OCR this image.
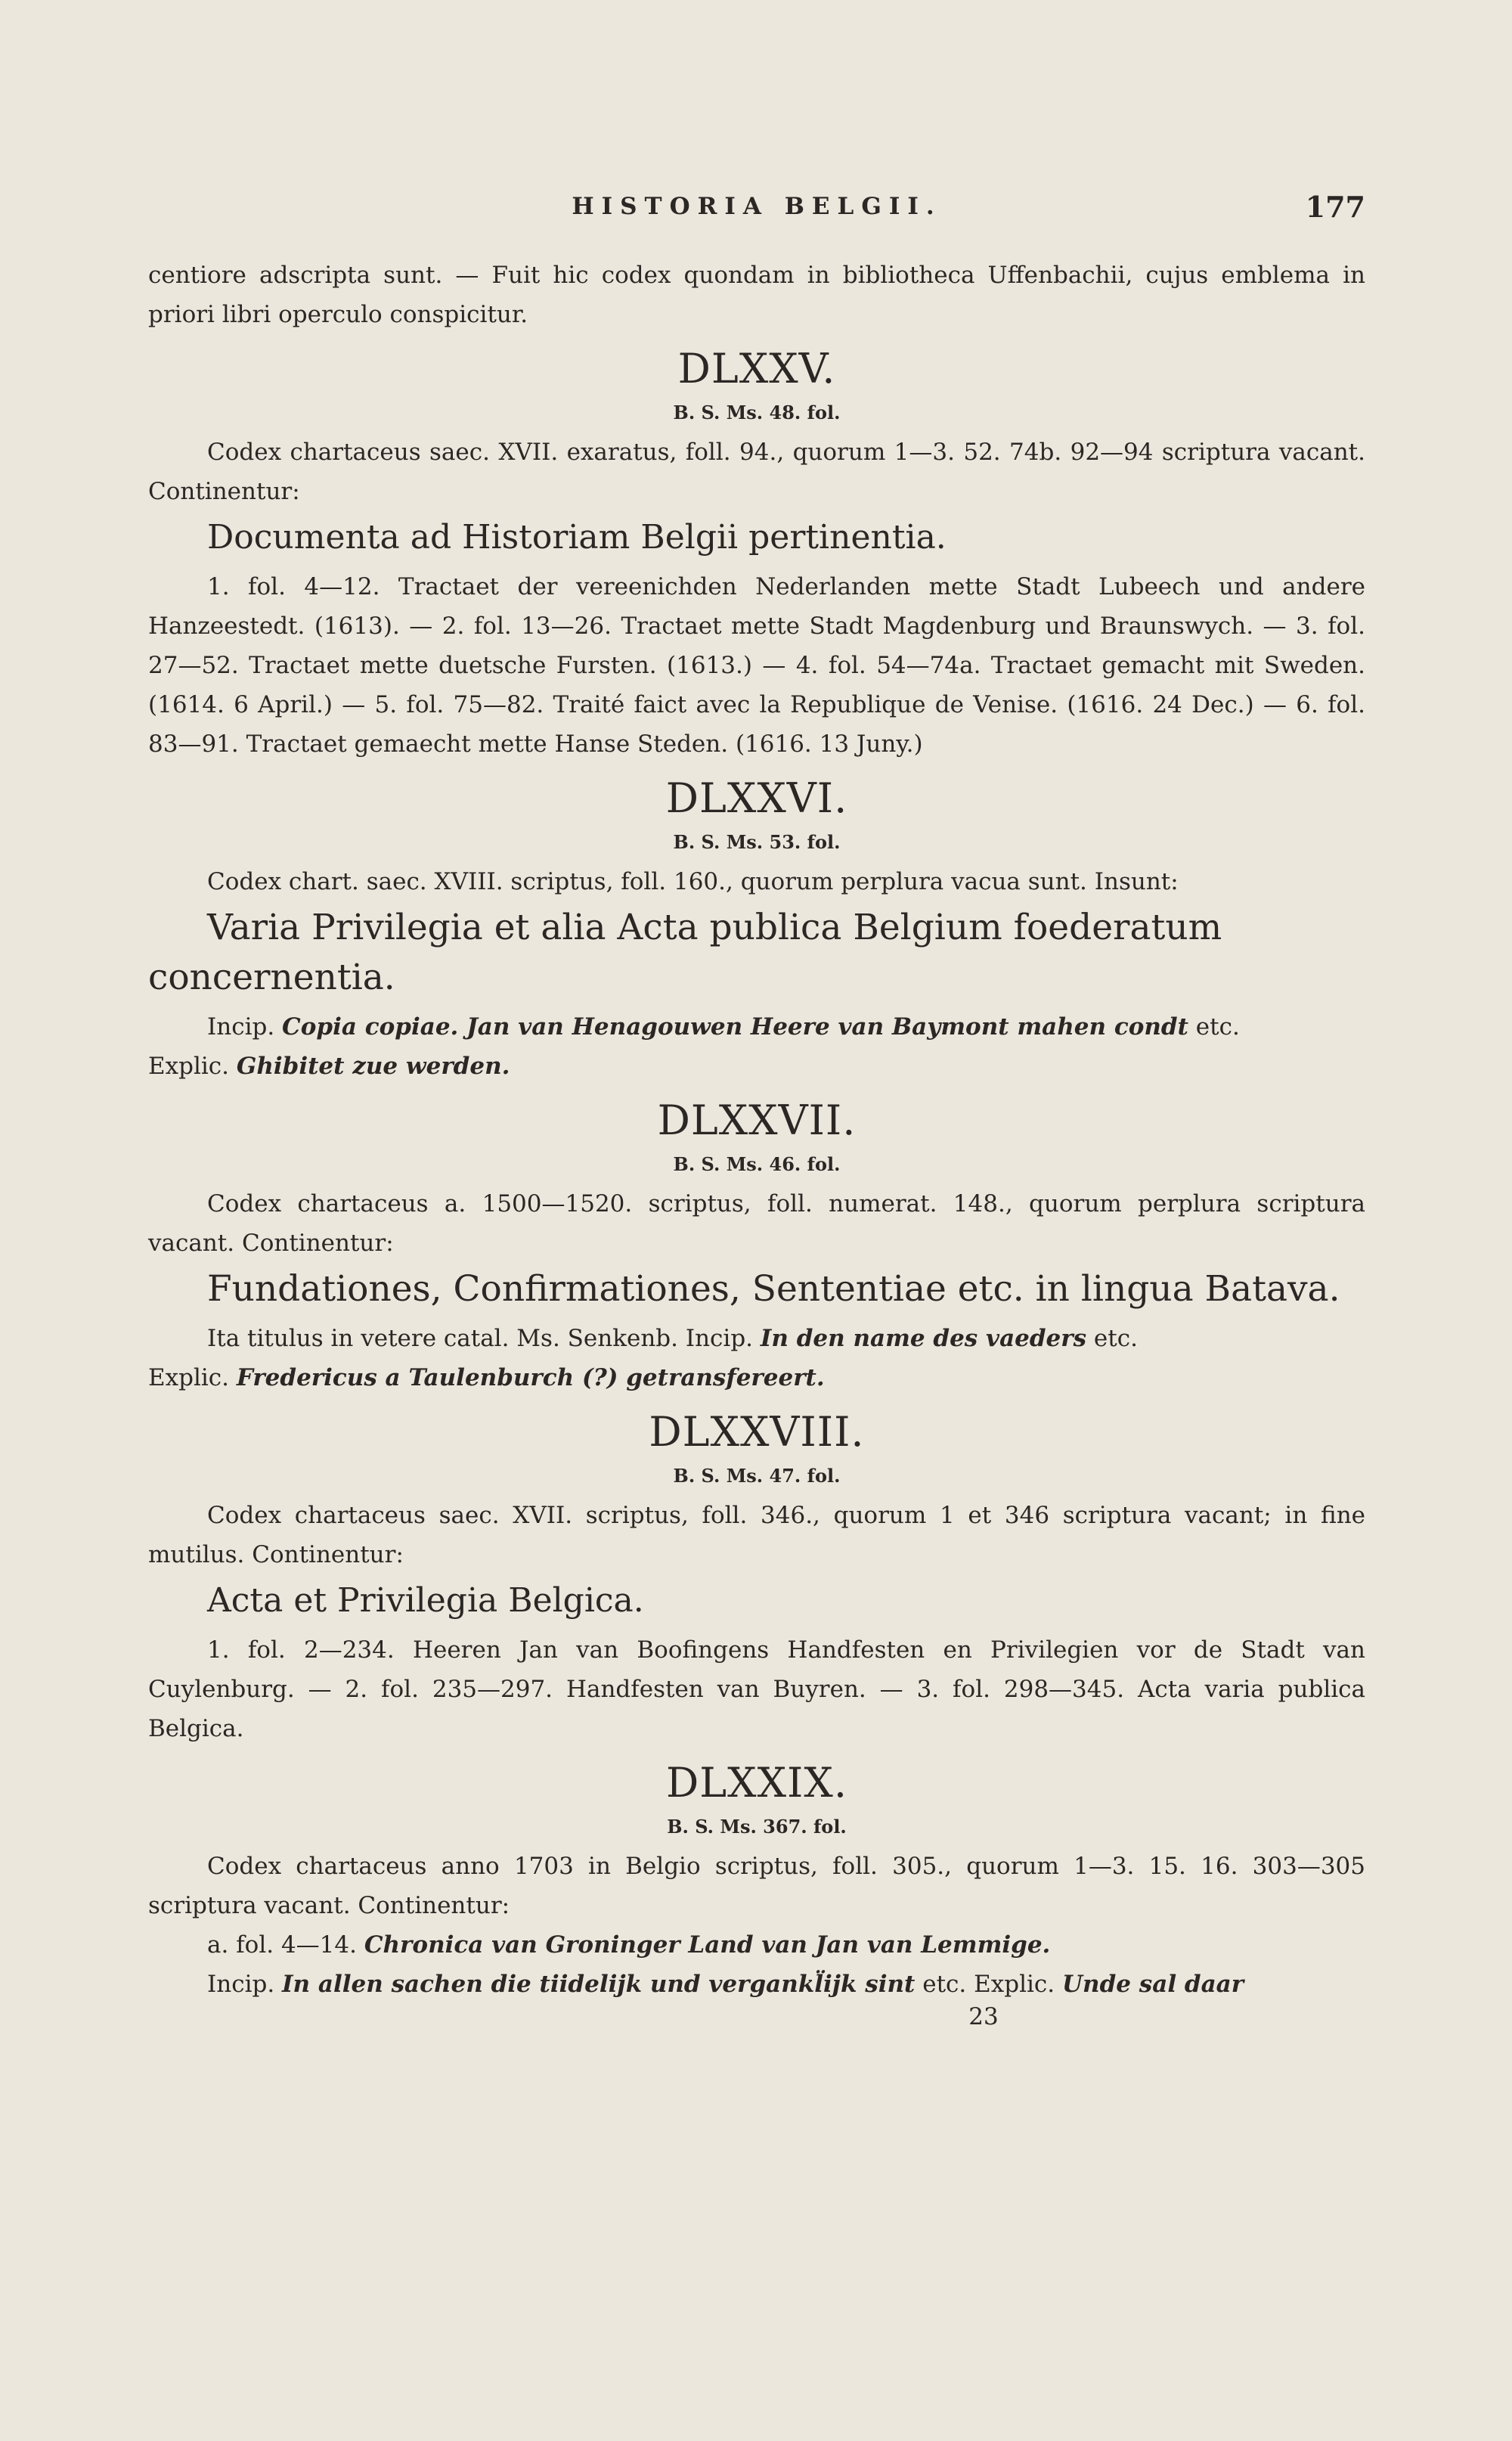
HISTORIA BELGII.	177

centiore adscripta sunt. — Fuit hic codex quondam in bibliotheca Uffenbachii, cujus emblema in priori libri operculo conspicitur.

DLXXV.

B. S. Ms. 48. fol.

Codex chartaceus saec. XVII. exaratus, foll. 94., quorum 1—3. 52. 74b. 92—94 scriptura vacant. Continentur:

Documenta ad Historiam Belgii pertinentia.

1. fol. 4—12. Tractaet der vereenichden Nederlanden mette Stadt Lubeech und andere Hanzeestedt. (1613). — 2. fol. 13—26. Tractaet mette Stadt Magdenburg und Braunswych. — 3. fol. 27—52. Tractaet mette duetsche Fursten. (1613.) — 4. fol. 54—74a. Tractaet gemacht mit Sweden. (1614. 6 April.) — 5. fol. 75—82. Traité faict avec la Republique de Venise. (1616. 24 Dec.) — 6. fol. 83—91. Tractaet gemaecht mette Hanse Steden. (1616. 13 Juny.)

DLXXVI.

B. S. Ms. 53. fol.

Codex chart. saec. XVIII. scriptus, foll. 160., quorum perplura vacua sunt. Insunt:

Varia Privilegia et alia Acta publica Belgium foederatum concernentia.

Incip. Copia copiae. Jan van Henagouwen Heere van Baymont mahen condt etc.

Explic. Ghibitet zue werden.

DLXXVII.

B. S. Ms. 46. fol.

Codex chartaceus a. 1500—1520. scriptus, foll. numerat. 148., quorum perplura scriptura vacant. Continentur:

Fundationes, Confirmationes, Sententiae etc. in lingua Batava.

Ita titulus in vetere catal. Ms. Senkenb. Incip. In den name des vaeders etc.

Explic. Fredericus a Taulenburch (?) getransfereert.

DLXXVIII.

B. S. Ms. 47. fol.

Codex chartaceus saec. XVII. scriptus, foll. 346., quorum 1 et 346 scriptura vacant; in fine mutilus. Continentur:

Acta et Privilegia Belgica.

1. fol. 2—234. Heeren Jan van Boofingens Handfesten en Privilegien vor de Stadt van Cuylenburg. — 2. fol. 235—297. Handfesten van Buyren. — 3. fol. 298—345. Acta varia publica Belgica.

DLXXIX.

B. S. Ms. 367. fol.

Codex chartaceus anno 1703 in Belgio scriptus, foll. 305., quorum 1—3. 15. 16. 303—305 scriptura vacant. Continentur:

a. fol. 4—14. Chronica van Groninger Land van Jan van Lemmige.

Incip. In allen sachen die tiidelijk und vergankl̈ijk sint etc. Explic. Unde sal daar

23
